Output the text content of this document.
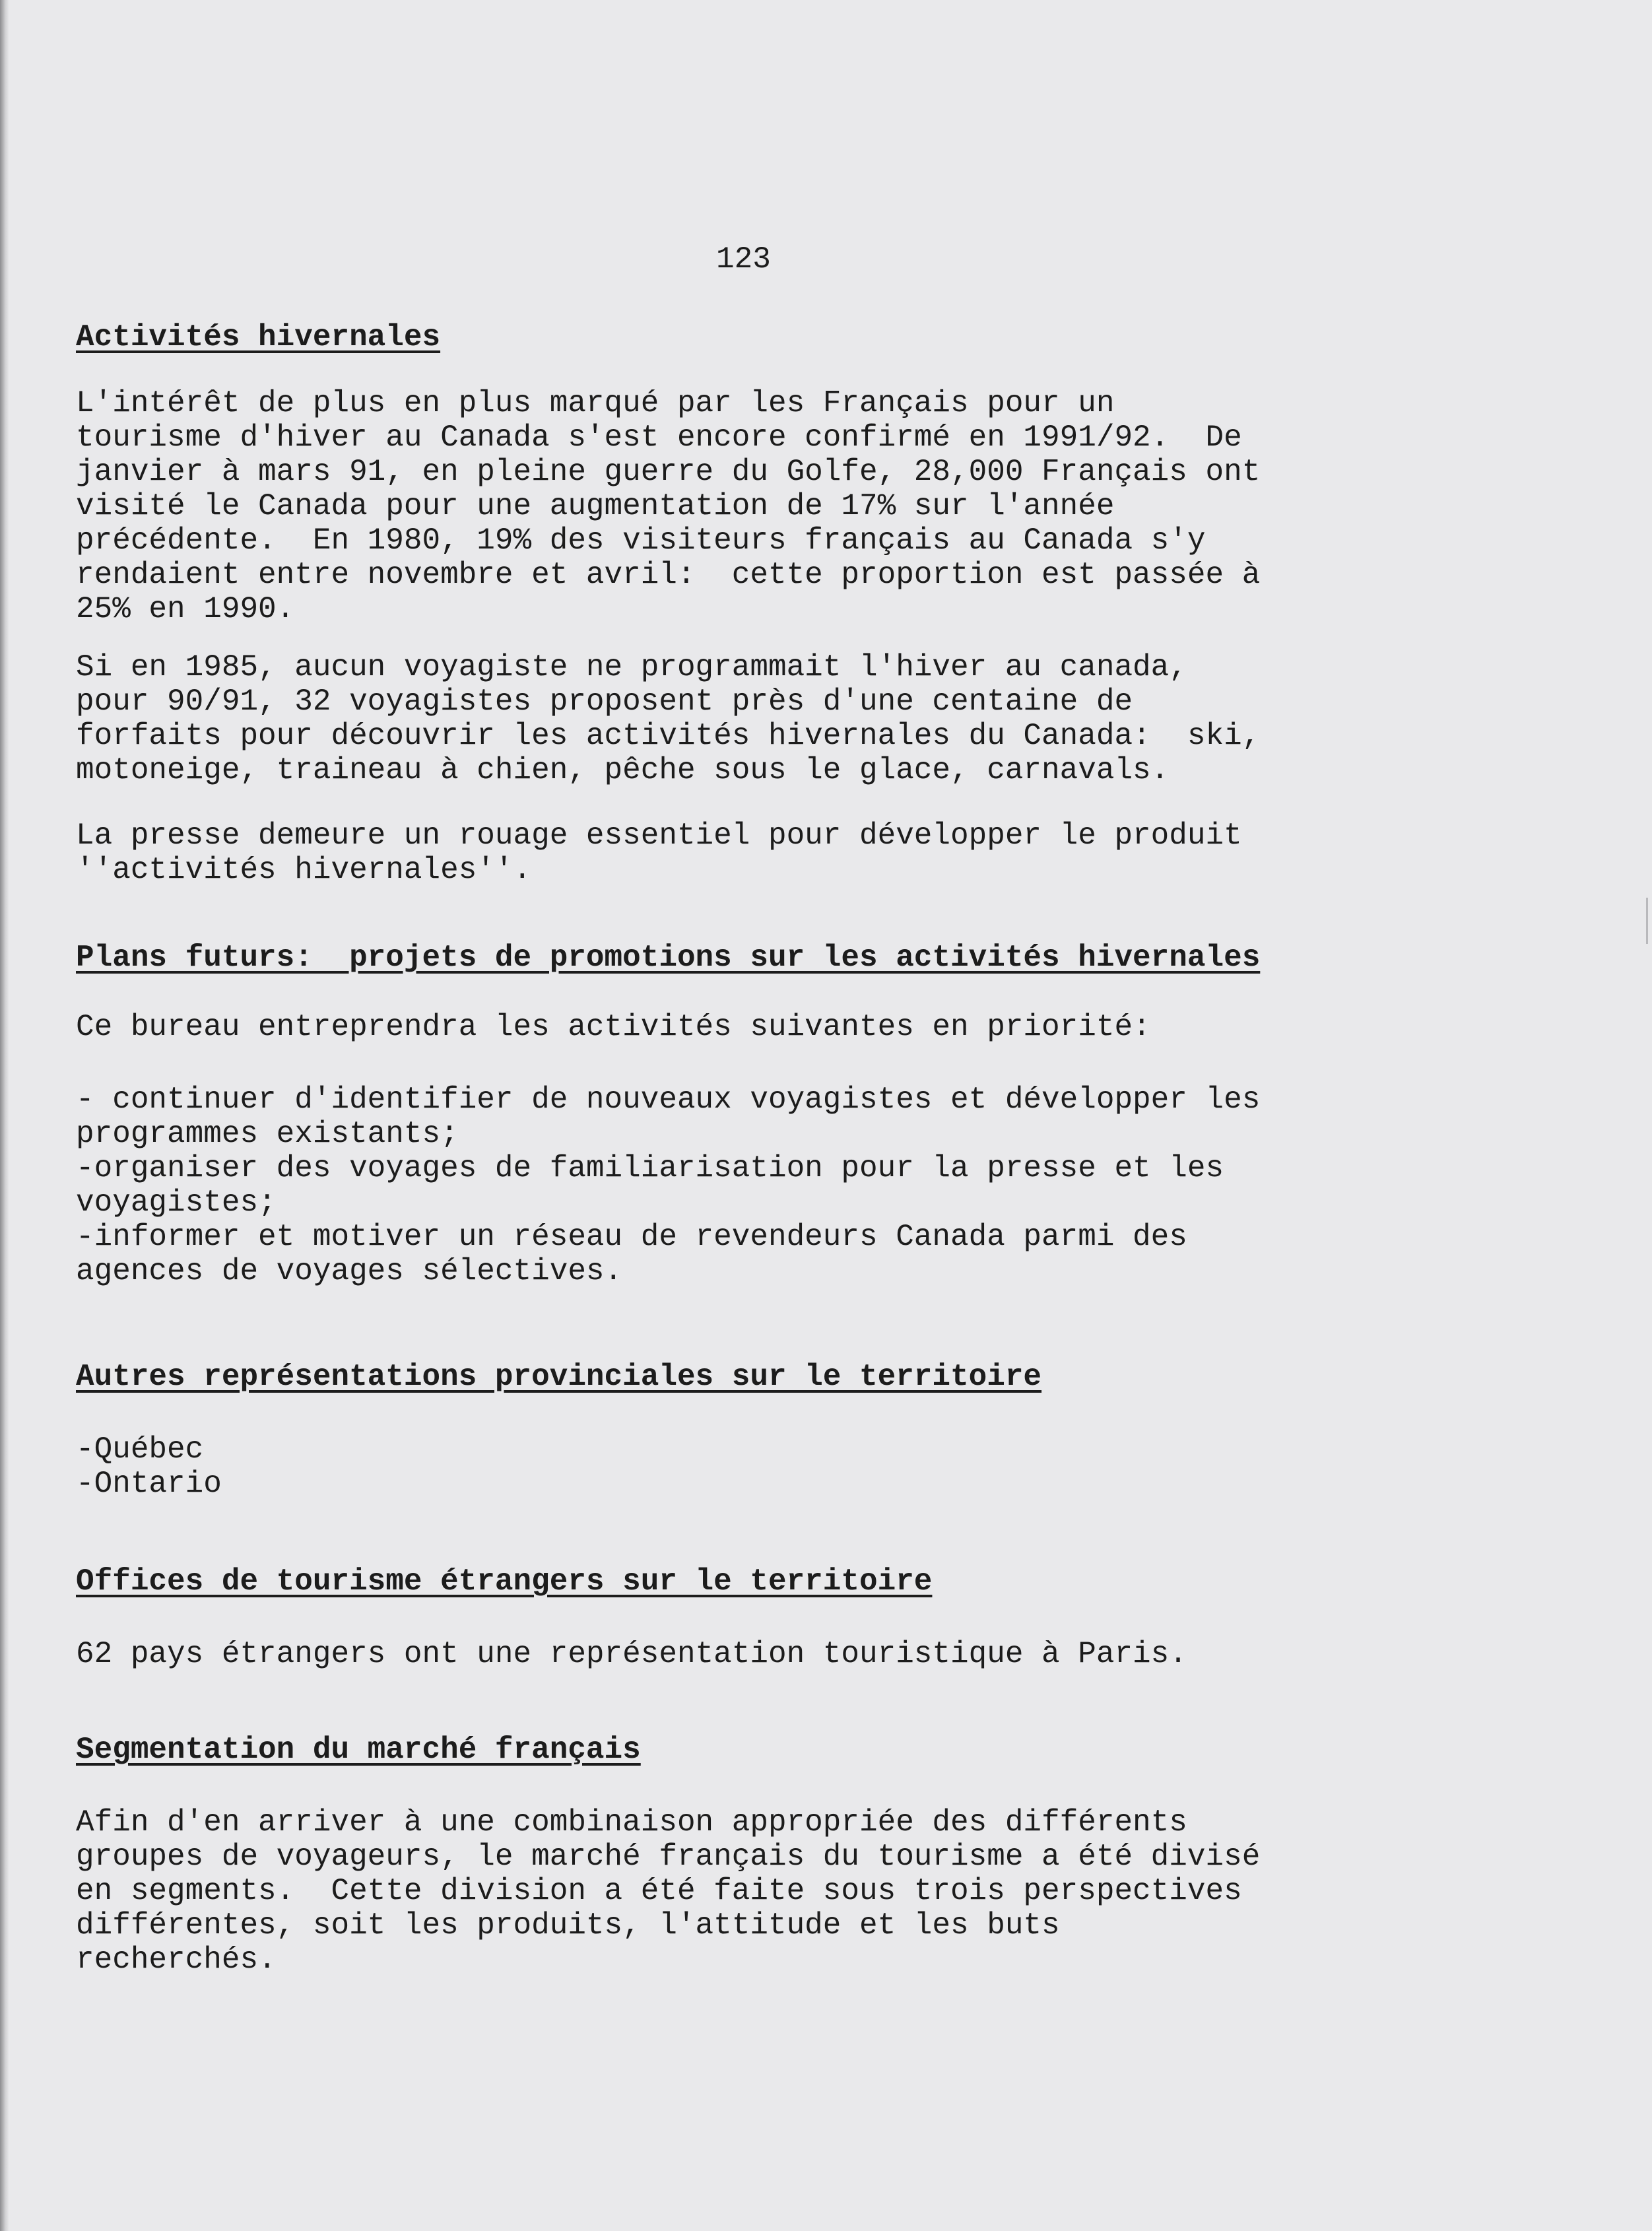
123

Activités hivernales

L'intérêt de plus en plus marqué par les Français pour un
tourisme d'hiver au Canada s'est encore confirmé en 1991/92.  De
janvier à mars 91, en pleine guerre du Golfe, 28,000 Français ont
visité le Canada pour une augmentation de 17% sur l'année
précédente.  En 1980, 19% des visiteurs français au Canada s'y
rendaient entre novembre et avril:  cette proportion est passée à
25% en 1990.

Si en 1985, aucun voyagiste ne programmait l'hiver au canada,
pour 90/91, 32 voyagistes proposent près d'une centaine de
forfaits pour découvrir les activités hivernales du Canada:  ski,
motoneige, traineau à chien, pêche sous le glace, carnavals.

La presse demeure un rouage essentiel pour développer le produit
''activités hivernales''.

Plans futurs:  projets de promotions sur les activités hivernales

Ce bureau entreprendra les activités suivantes en priorité:

- continuer d'identifier de nouveaux voyagistes et développer les
programmes existants;
-organiser des voyages de familiarisation pour la presse et les
voyagistes;
-informer et motiver un réseau de revendeurs Canada parmi des
agences de voyages sélectives.

Autres représentations provinciales sur le territoire

-Québec
-Ontario

Offices de tourisme étrangers sur le territoire

62 pays étrangers ont une représentation touristique à Paris.

Segmentation du marché français

Afin d'en arriver à une combinaison appropriée des différents
groupes de voyageurs, le marché français du tourisme a été divisé
en segments.  Cette division a été faite sous trois perspectives
différentes, soit les produits, l'attitude et les buts
recherchés.
